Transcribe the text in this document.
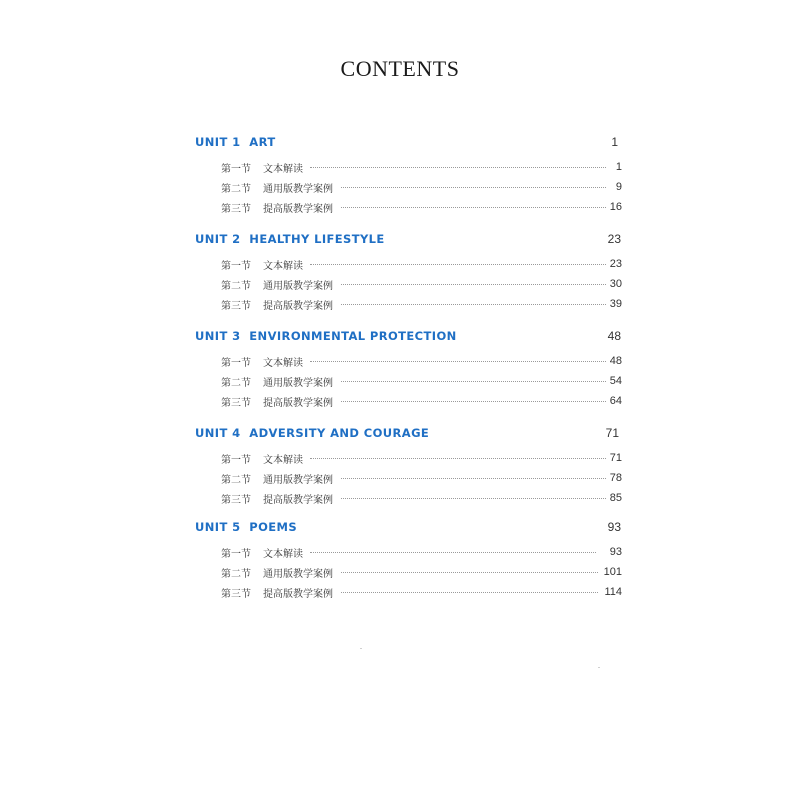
CONTENTS
UNIT 1  ART	1
第一节 文本解读	1
第二节 通用版教学案例	9
第三节 提高版教学案例	16
UNIT 2  HEALTHY LIFESTYLE	23
第一节 文本解读	23
第二节 通用版教学案例	30
第三节 提高版教学案例	39
UNIT 3  ENVIRONMENTAL PROTECTION	48
第一节 文本解读	48
第二节 通用版教学案例	54
第三节 提高版教学案例	64
UNIT 4  ADVERSITY AND COURAGE	71
第一节 文本解读	71
第二节 通用版教学案例	78
第三节 提高版教学案例	85
UNIT 5  POEMS	93
第一节 文本解读	93
第二节 通用版教学案例	101
第三节 提高版教学案例	114
